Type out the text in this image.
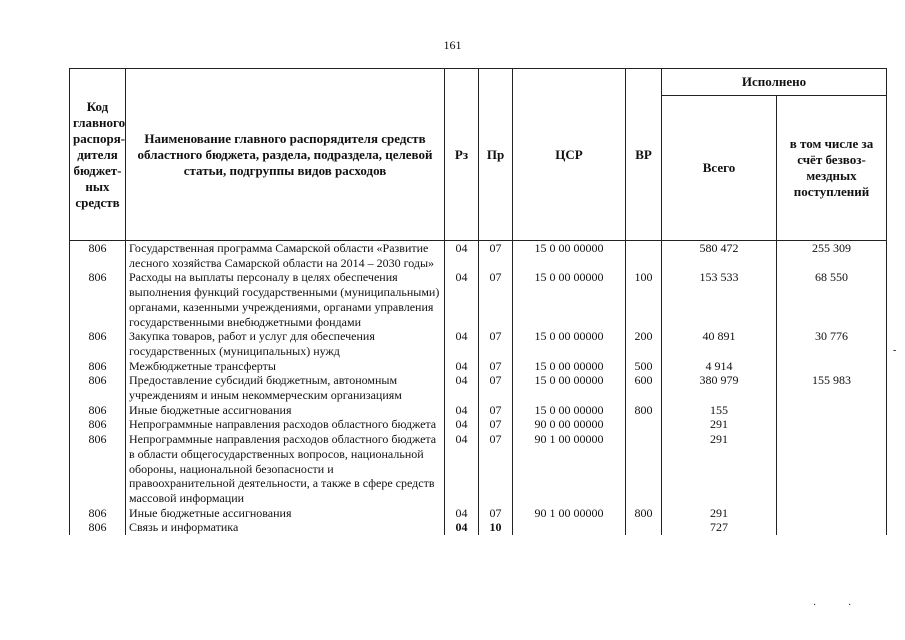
161
Код главного распоря-дителя бюджет-ных средств	Наименование главного распорядителя средств областного бюджета, раздела, подраздела, целевой статьи, подгруппы видов расходов	Рз	Пр	ЦСР	ВР	Исполнено	
						Всего	в том числе за счёт безвоз-мездных поступлений
806	Государственная программа Самарской области «Развитие лесного хозяйства Самарской области на 2014 – 2030 годы»	04	07	15 0 00 00000		580 472	255 309
806	Расходы на выплаты персоналу в целях обеспечения выполнения функций государственными (муниципальными) органами, казенными учреждениями, органами управления государственными внебюджетными фондами	04	07	15 0 00 00000	100	153 533	68 550
806	Закупка товаров, работ и услуг для обеспечения государственных (муниципальных) нужд	04	07	15 0 00 00000	200	40 891	30 776
806	Межбюджетные трансферты	04	07	15 0 00 00000	500	4 914	
806	Предоставление субсидий бюджетным, автономным учреждениям и иным некоммерческим организациям	04	07	15 0 00 00000	600	380 979	155 983
806	Иные бюджетные ассигнования	04	07	15 0 00 00000	800	155	
806	Непрограммные направления расходов областного бюджета	04	07	90 0 00 00000		291	
806	Непрограммные направления расходов областного бюджета в области общегосударственных вопросов, национальной обороны, национальной безопасности и правоохранительной деятельности, а также в сфере средств массовой информации	04	07	90 1 00 00000		291	
806	Иные бюджетные ассигнования	04	07	90 1 00 00000	800	291	
806	Связь и информатика	04	10			727	
·	·
-
